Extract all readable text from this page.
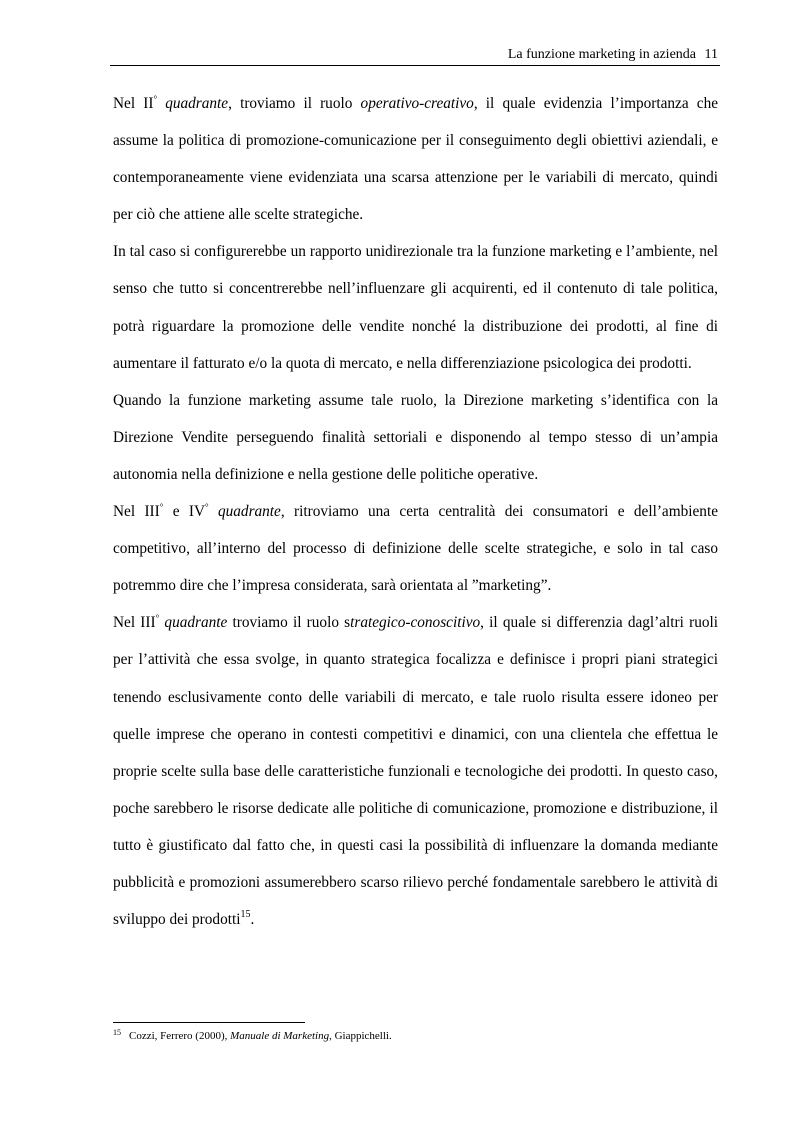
La funzione marketing in azienda 11

Nel II° quadrante, troviamo il ruolo operativo-creativo, il quale evidenzia l’importanza che assume la politica di promozione-comunicazione per il conseguimento degli obiettivi aziendali, e contemporaneamente viene evidenziata una scarsa attenzione per le variabili di mercato, quindi per ciò che attiene alle scelte strategiche.

In tal caso si configurerebbe un rapporto unidirezionale tra la funzione marketing e l’ambiente, nel senso che tutto si concentrerebbe nell’influenzare gli acquirenti, ed il contenuto di tale politica, potrà riguardare la promozione delle vendite nonché la distribuzione dei prodotti, al fine di aumentare il fatturato e/o la quota di mercato, e nella differenziazione psicologica dei prodotti.

Quando la funzione marketing assume tale ruolo, la Direzione marketing s’identifica con la Direzione Vendite perseguendo finalità settoriali e disponendo al tempo stesso di un’ampia autonomia nella definizione e nella gestione delle politiche operative.

Nel III° e IV° quadrante, ritroviamo una certa centralità dei consumatori e dell’ambiente competitivo, all’interno del processo di definizione delle scelte strategiche, e solo in tal caso potremmo dire che l’impresa considerata, sarà orientata al ”marketing”.

Nel III° quadrante troviamo il ruolo strategico-conoscitivo, il quale si differenzia dagl’altri ruoli per l’attività che essa svolge, in quanto strategica focalizza e definisce i propri piani strategici tenendo esclusivamente conto delle variabili di mercato, e tale ruolo risulta essere idoneo per quelle imprese che operano in contesti competitivi e dinamici, con una clientela che effettua le proprie scelte sulla base delle caratteristiche funzionali e tecnologiche dei prodotti. In questo caso, poche sarebbero le risorse dedicate alle politiche di comunicazione, promozione e distribuzione, il tutto è giustificato dal fatto che, in questi casi la possibilità di influenzare la domanda mediante pubblicità e promozioni assumerebbero scarso rilievo perché fondamentale sarebbero le attività di sviluppo dei prodotti$^{15}$.

$^{15}$ Cozzi, Ferrero (2000), Manuale di Marketing, Giappichelli.
